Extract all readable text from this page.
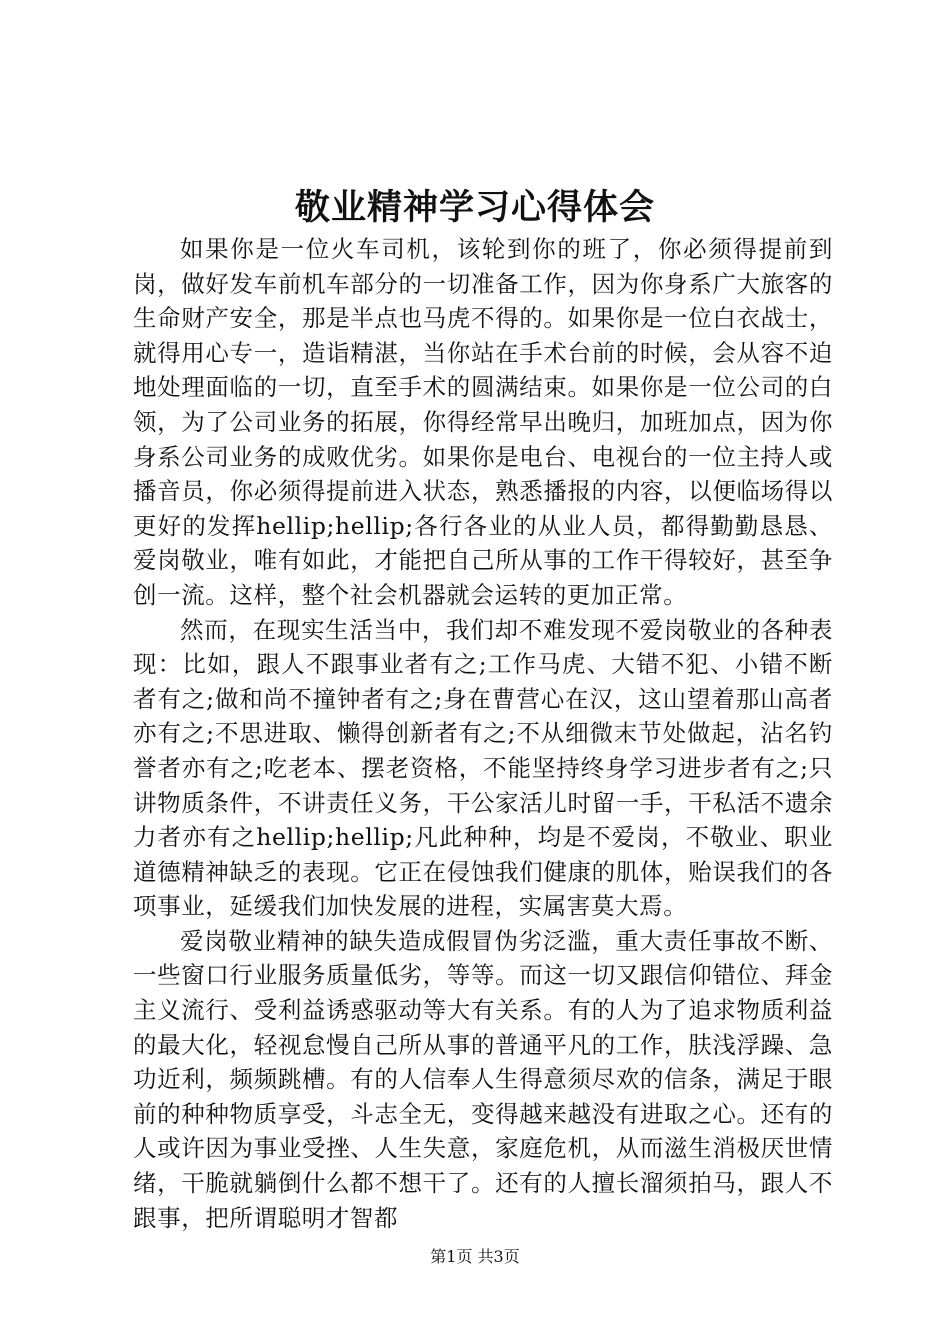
敬业精神学习心得体会

如果你是一位火车司机，该轮到你的班了，你必须得提前到岗，做好发车前机车部分的一切准备工作，因为你身系广大旅客的生命财产安全，那是半点也马虎不得的。如果你是一位白衣战士，就得用心专一，造诣精湛，当你站在手术台前的时候，会从容不迫地处理面临的一切，直至手术的圆满结束。如果你是一位公司的白领，为了公司业务的拓展，你得经常早出晚归，加班加点，因为你身系公司业务的成败优劣。如果你是电台、电视台的一位主持人或播音员，你必须得提前进入状态，熟悉播报的内容，以便临场得以更好的发挥hellip;hellip;各行各业的从业人员，都得勤勤恳恳、爱岗敬业，唯有如此，才能把自己所从事的工作干得较好，甚至争创一流。这样，整个社会机器就会运转的更加正常。

然而，在现实生活当中，我们却不难发现不爱岗敬业的各种表现：比如，跟人不跟事业者有之;工作马虎、大错不犯、小错不断者有之;做和尚不撞钟者有之;身在曹营心在汉，这山望着那山高者亦有之;不思进取、懒得创新者有之;不从细微末节处做起，沾名钓誉者亦有之;吃老本、摆老资格，不能坚持终身学习进步者有之;只讲物质条件，不讲责任义务，干公家活儿时留一手，干私活不遗余力者亦有之hellip;hellip;凡此种种，均是不爱岗，不敬业、职业道德精神缺乏的表现。它正在侵蚀我们健康的肌体，贻误我们的各项事业，延缓我们加快发展的进程，实属害莫大焉。

爱岗敬业精神的缺失造成假冒伪劣泛滥，重大责任事故不断、一些窗口行业服务质量低劣，等等。而这一切又跟信仰错位、拜金主义流行、受利益诱惑驱动等大有关系。有的人为了追求物质利益的最大化，轻视怠慢自己所从事的普通平凡的工作，肤浅浮躁、急功近利，频频跳槽。有的人信奉人生得意须尽欢的信条，满足于眼前的种种物质享受，斗志全无，变得越来越没有进取之心。还有的人或许因为事业受挫、人生失意，家庭危机，从而滋生消极厌世情绪，干脆就躺倒什么都不想干了。还有的人擅长溜须拍马，跟人不跟事，把所谓聪明才智都

第1页 共3页
